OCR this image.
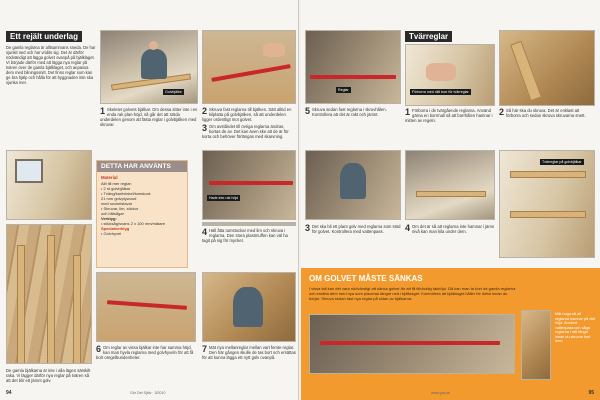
Ett rejält underlag
De gamla reglarna är alltsammans sneda. De har sjunkit ned och har vridits sig. Det är därför nödvändigt att lägga golvet ovanpå på bjälklaget. Vi började därför med att lägga nya reglar på tvären över de gamla bjälklaget, och anpassa dem med bilningssnitt. Det finns reglar som kan ge bra hjälp och hålla för att byggnaden inte ska sjunka mer.
Golvbjälke
1 Skeletet golvets bjälkar. Om dessa sitter inte i en enda rak plan-höjd, så går det att stöda underdelen genom att fästa reglar i golvbjälken med skruvar.
2 Skruva fast reglarna till bjälken. Sätt alltid en kilplatta på golvbjälken, så att underdelen ligger ordentligt mot golvet.
DETTA HAR ANVÄNTS
Material
Allt till mer reglar:
• 2 st golvbjälkar
• Tväng/kantvinkel/tumstock
21 mm golvplywood
med sockelstavar
• Skruvar, lim, stickor
och hålsågar
Verktyg:
• sticksåg/svans 2 x 100 mm/mätare
Specialverktyg
• Golvhyvel
De gamla bjälkarna är inte i alla lägen särskilt raka. Vi lägger därför nya reglar på tvären så att det blir ett jämnt golv.
Hade inte rak höjd
3 Om avståndet till övriga reglarna ändras, kortas de av. Det kan även ske att de är för korta och behöver förlängas med skarvning.
6 Om reglar av vissa bjälkar inte har samma höjd, kan man hyvla reglarna med golvhyveln för att få bort oregelbundenheter.
7 Mät nya mellanreglar mellan vart femte reglar. Den här gången skulle de tas bort och ersättas för att kunna lägga ett nytt golv ovanpå.
4 Häll åtta tumstockar med lim och skruva i reglarna. Den stora plastmuffen kan väl ha tagit på sig för mycket.
94	Gör Det Själv · 3/2010
Reglar
5 Skruva sedan fast reglarna i skruvhålen. Kontrollera att det är rakt och jämnt.
Tvärreglar
Förborra med rätt borr för tvärreglar
1 Förborra i de tvärgående reglarna. Använd gärna en borrmall så att borrhålen hamnar i mitten av regeln.
2 Så här ska du skruva. Det är enklast att förborra och sedan skruva skruvarna snett.
3 Det ska bli ett plant golv med reglarna som stöd för golvet. Kontrollera med vattenpass.	4 Om det är så att reglarna inte hamnar i jämn nivå kan man kila under dem.
Tvärreglar på golvbjälkar
OM GOLVET MÅSTE SÄNKAS
I vissa fall kan det vara nödvändigt att sänka golvet för att få tillräcklig takhöjd. Då kan man ta bort de gamla reglarna och ersätta dem med nya som placeras längre ned i bjälklaget. Kontrollera att bjälklaget håller för detta innan du börjar. Skruva sedan fast nya reglar på sidan av bjälkarna.
Mät noga så att reglarna hamnar på rätt höjd. Använd vattenpass och såga reglarna i rätt längd innan du skruvar fast dem.
95
www.gds.se
